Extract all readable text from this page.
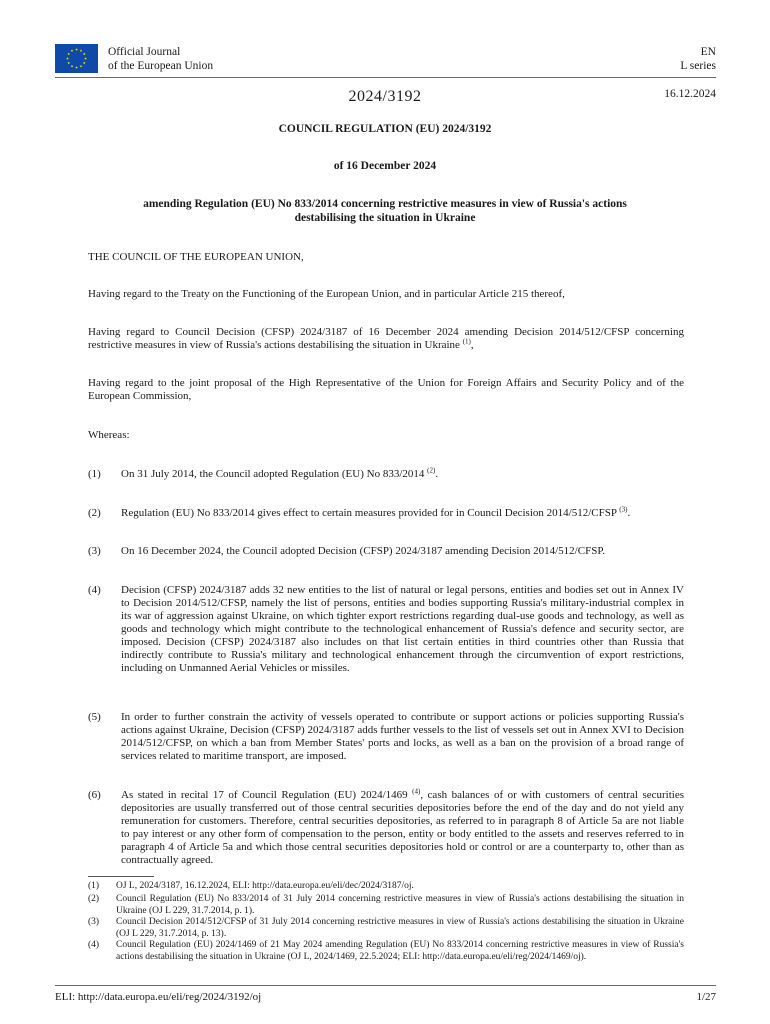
Official Journal
of the European Union
EN
L series
2024/3192	16.12.2024
COUNCIL REGULATION (EU) 2024/3192
of 16 December 2024
amending Regulation (EU) No 833/2014 concerning restrictive measures in view of Russia's actions
destabilising the situation in Ukraine
THE COUNCIL OF THE EUROPEAN UNION,
Having regard to the Treaty on the Functioning of the European Union, and in particular Article 215 thereof,
Having regard to Council Decision (CFSP) 2024/3187 of 16 December 2024 amending Decision 2014/512/CFSP concerning restrictive measures in view of Russia's actions destabilising the situation in Ukraine $^{(1)}$,
Having regard to the joint proposal of the High Representative of the Union for Foreign Affairs and Security Policy and of the European Commission,
Whereas:
(1) On 31 July 2014, the Council adopted Regulation (EU) No 833/2014 $^{(2)}$.
(2) Regulation (EU) No 833/2014 gives effect to certain measures provided for in Council Decision 2014/512/CFSP $^{(3)}$.
(3) On 16 December 2024, the Council adopted Decision (CFSP) 2024/3187 amending Decision 2014/512/CFSP.
(4) Decision (CFSP) 2024/3187 adds 32 new entities to the list of natural or legal persons, entities and bodies set out in Annex IV to Decision 2014/512/CFSP, namely the list of persons, entities and bodies supporting Russia's military-industrial complex in its war of aggression against Ukraine, on which tighter export restrictions regarding dual-use goods and technology, as well as goods and technology which might contribute to the technological enhancement of Russia's defence and security sector, are imposed. Decision (CFSP) 2024/3187 also includes on that list certain entities in third countries other than Russia that indirectly contribute to Russia's military and technological enhancement through the circumvention of export restrictions, including on Unmanned Aerial Vehicles or missiles.
(5) In order to further constrain the activity of vessels operated to contribute or support actions or policies supporting Russia's actions against Ukraine, Decision (CFSP) 2024/3187 adds further vessels to the list of vessels set out in Annex XVI to Decision 2014/512/CFSP, on which a ban from Member States' ports and locks, as well as a ban on the provision of a broad range of services related to maritime transport, are imposed.
(6) As stated in recital 17 of Council Regulation (EU) 2024/1469 $^{(4)}$, cash balances of or with customers of central securities depositories are usually transferred out of those central securities depositories before the end of the day and do not yield any remuneration for customers. Therefore, central securities depositories, as referred to in paragraph 8 of Article 5a are not liable to pay interest or any other form of compensation to the person, entity or body entitled to the assets and reserves referred to in paragraph 4 of Article 5a and which those central securities depositories hold or control or are a counterparty to, other than as contractually agreed.
(1) OJ L, 2024/3187, 16.12.2024, ELI: http://data.europa.eu/eli/dec/2024/3187/oj.
(2) Council Regulation (EU) No 833/2014 of 31 July 2014 concerning restrictive measures in view of Russia's actions destabilising the situation in Ukraine (OJ L 229, 31.7.2014, p. 1).
(3) Council Decision 2014/512/CFSP of 31 July 2014 concerning restrictive measures in view of Russia's actions destabilising the situation in Ukraine (OJ L 229, 31.7.2014, p. 13).
(4) Council Regulation (EU) 2024/1469 of 21 May 2024 amending Regulation (EU) No 833/2014 concerning restrictive measures in view of Russia's actions destabilising the situation in Ukraine (OJ L, 2024/1469, 22.5.2024; ELI: http://data.europa.eu/eli/reg/2024/1469/oj).
ELI: http://data.europa.eu/eli/reg/2024/3192/oj	1/27
